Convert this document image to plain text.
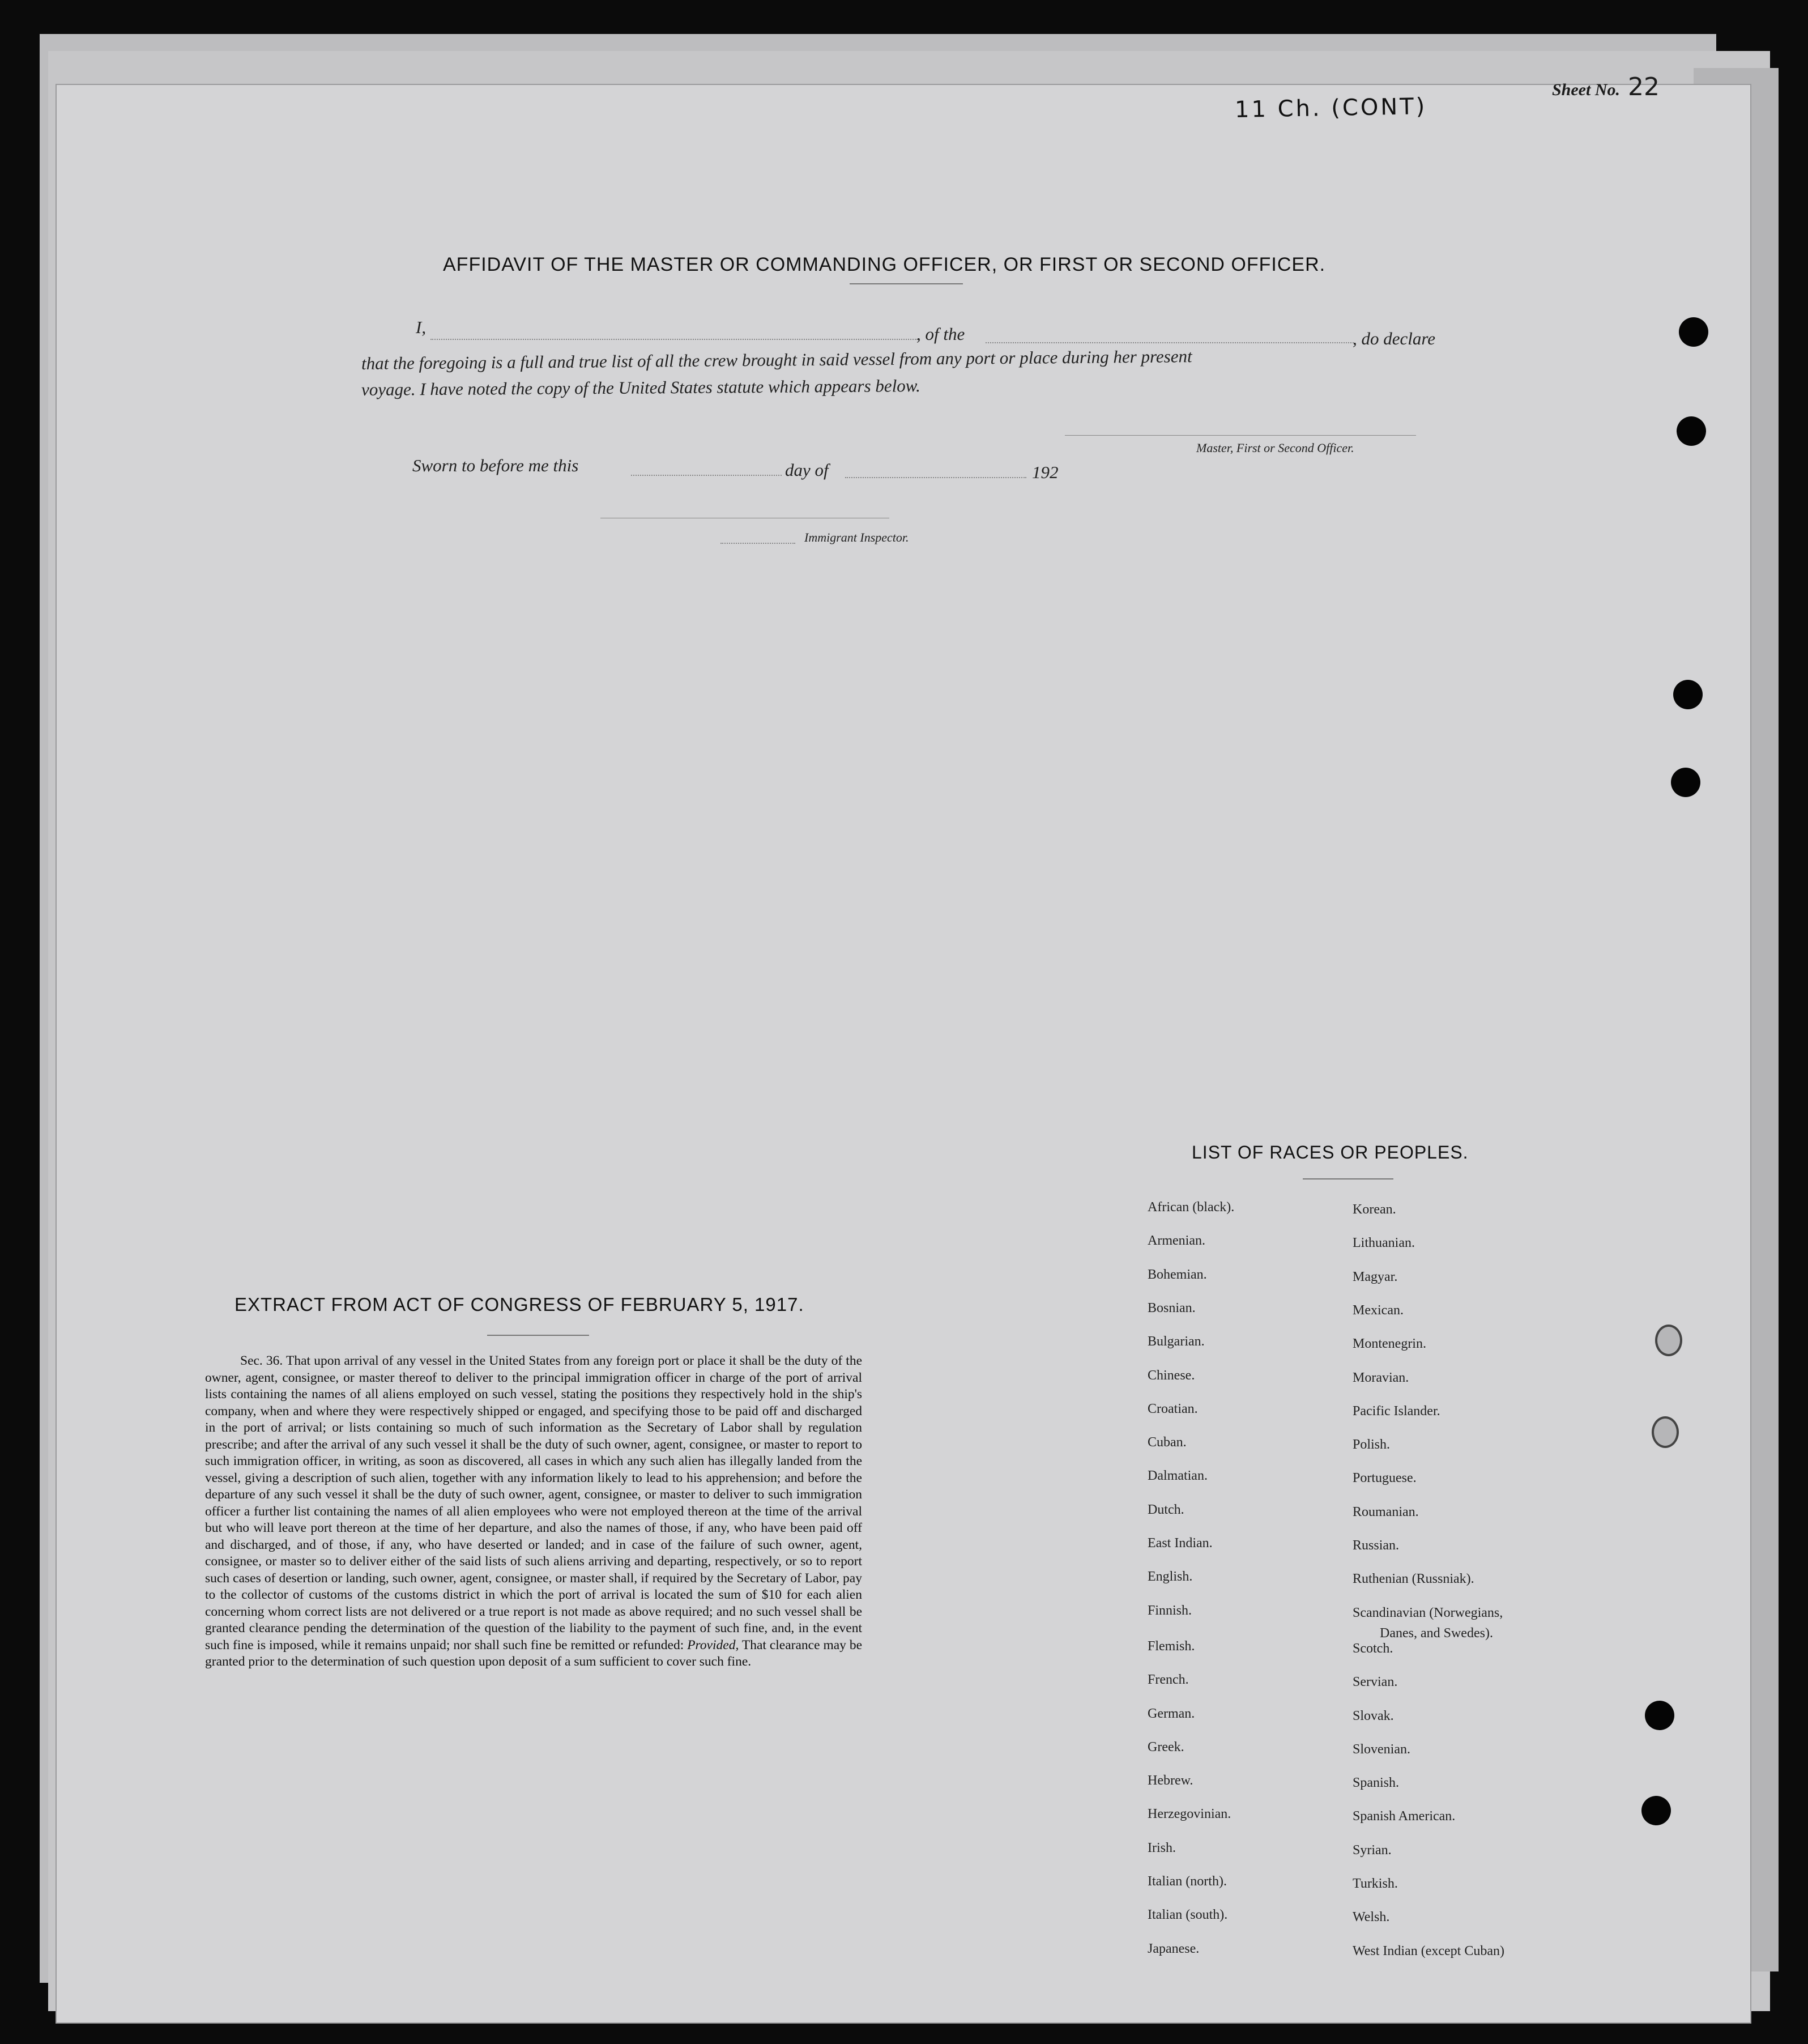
Sheet No. 22
11 Ch. (CONT)
AFFIDAVIT OF THE MASTER OR COMMANDING OFFICER, OR FIRST OR SECOND OFFICER.
I,	, of the	, do declare
that the foregoing is a full and true list of all the crew brought in said vessel from any port or place during her present
voyage. I have noted the copy of the United States statute which appears below.
Master, First or Second Officer.
Sworn to before me this	day of	192
Immigrant Inspector.
EXTRACT FROM ACT OF CONGRESS OF FEBRUARY 5, 1917.
Sec. 36. That upon arrival of any vessel in the United States from any foreign port or place it shall be the duty of the owner, agent, consignee, or master thereof to deliver to the principal immigration officer in charge of the port of arrival lists containing the names of all aliens employed on such vessel, stating the positions they respectively hold in the ship's company, when and where they were respectively shipped or engaged, and specifying those to be paid off and discharged in the port of arrival; or lists containing so much of such information as the Secretary of Labor shall by regulation prescribe; and after the arrival of any such vessel it shall be the duty of such owner, agent, consignee, or master to report to such immigration officer, in writing, as soon as discovered, all cases in which any such alien has illegally landed from the vessel, giving a description of such alien, together with any information likely to lead to his apprehension; and before the departure of any such vessel it shall be the duty of such owner, agent, consignee, or master to deliver to such immigration officer a further list containing the names of all alien employees who were not employed thereon at the time of the arrival but who will leave port thereon at the time of her departure, and also the names of those, if any, who have been paid off and discharged, and of those, if any, who have deserted or landed; and in case of the failure of such owner, agent, consignee, or master so to deliver either of the said lists of such aliens arriving and departing, respectively, or so to report such cases of desertion or landing, such owner, agent, consignee, or master shall, if required by the Secretary of Labor, pay to the collector of customs of the customs district in which the port of arrival is located the sum of $10 for each alien concerning whom correct lists are not delivered or a true report is not made as above required; and no such vessel shall be granted clearance pending the determination of the question of the liability to the payment of such fine, and, in the event such fine is imposed, while it remains unpaid; nor shall such fine be remitted or refunded: Provided, That clearance may be granted prior to the determination of such question upon deposit of a sum sufficient to cover such fine.
LIST OF RACES OR PEOPLES.
African (black).
Armenian.
Bohemian.
Bosnian.
Bulgarian.
Chinese.
Croatian.
Cuban.
Dalmatian.
Dutch.
East Indian.
English.
Finnish.
Flemish.
French.
German.
Greek.
Hebrew.
Herzegovinian.
Irish.
Italian (north).
Italian (south).
Japanese.
Korean.
Lithuanian.
Magyar.
Mexican.
Montenegrin.
Moravian.
Pacific Islander.
Polish.
Portuguese.
Roumanian.
Russian.
Ruthenian (Russniak).
Scandinavian (Norwegians,
Danes, and Swedes).
Scotch.
Servian.
Slovak.
Slovenian.
Spanish.
Spanish American.
Syrian.
Turkish.
Welsh.
West Indian (except Cuban)
